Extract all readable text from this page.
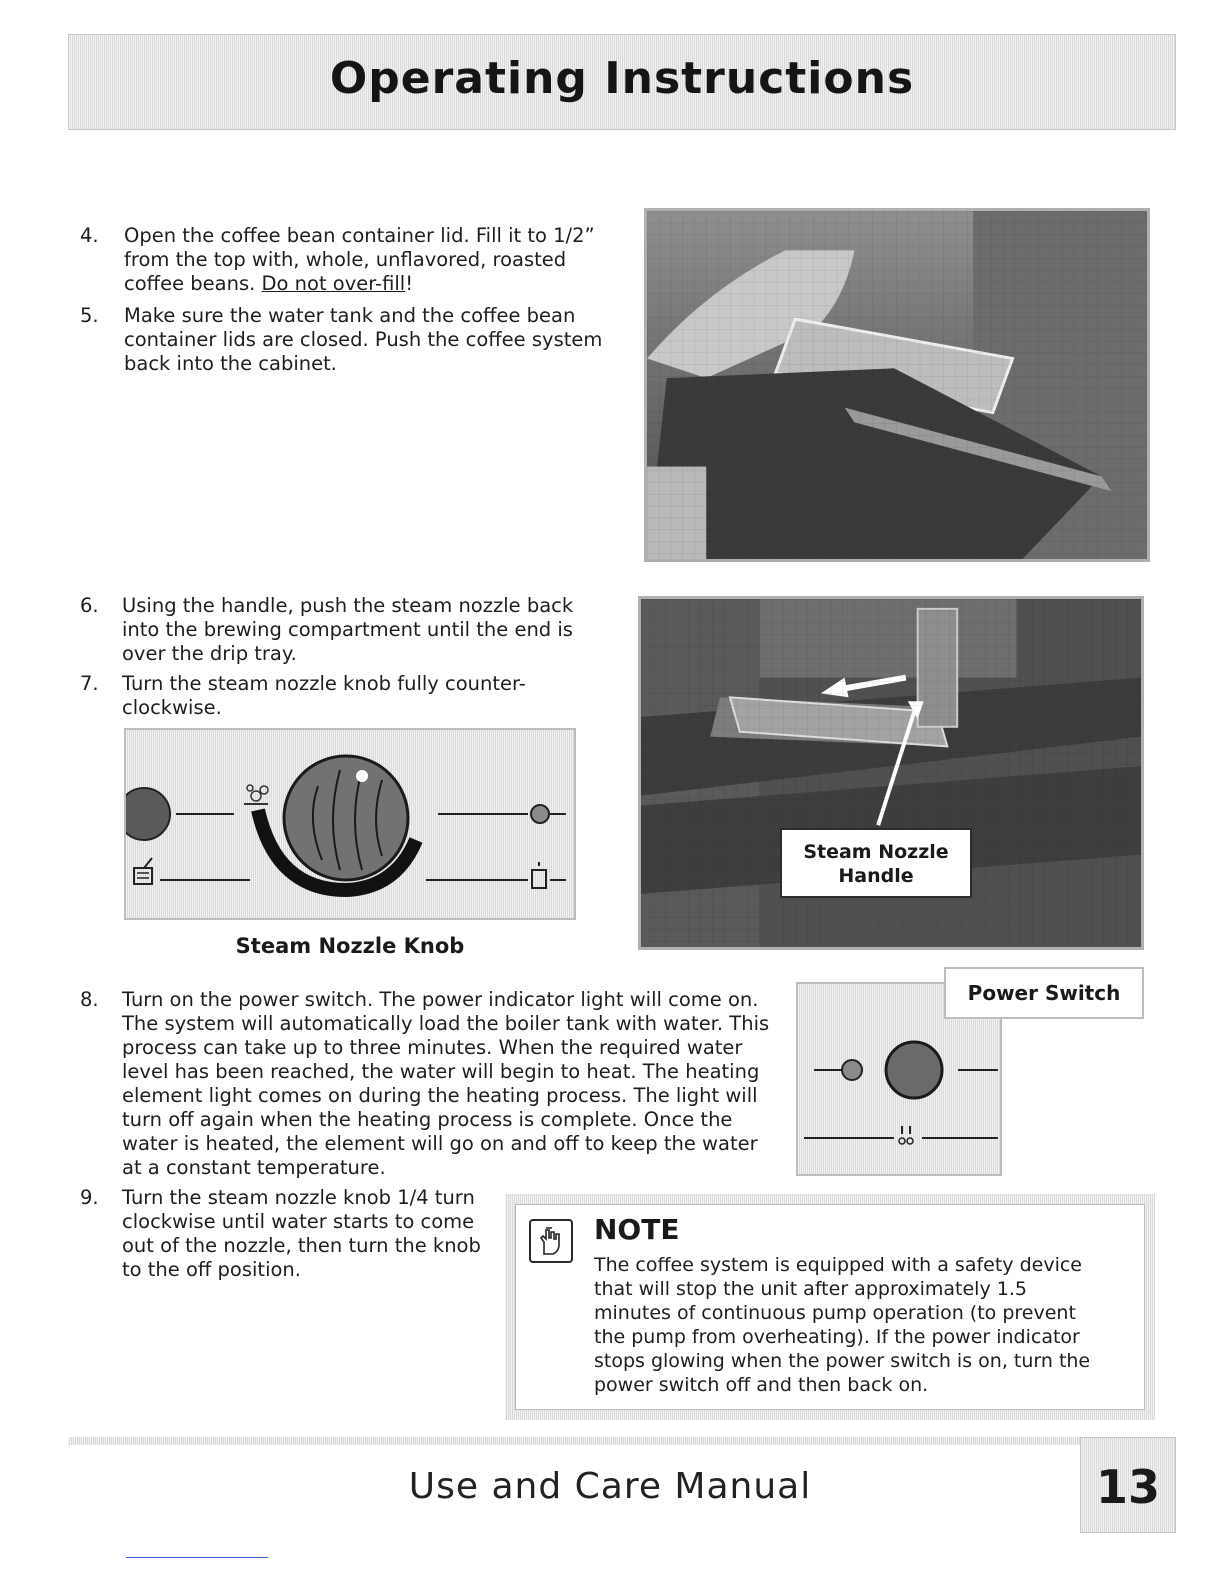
Operating Instructions
4. Open the coffee bean container lid. Fill it to 1/2”
from the top with, whole, unflavored, roasted
coffee beans. Do not over-fill!
5. Make sure the water tank and the coffee bean
container lids are closed. Push the coffee system
back into the cabinet.
6. Using the handle, push the steam nozzle back
into the brewing compartment until the end is
over the drip tray.
7. Turn the steam nozzle knob fully counter-
clockwise.
Steam Nozzle Knob
Steam Nozzle
Handle
8. Turn on the power switch. The power indicator light will come on.
The system will automatically load the boiler tank with water. This
process can take up to three minutes. When the required water
level has been reached, the water will begin to heat. The heating
element light comes on during the heating process. The light will
turn off again when the heating process is complete. Once the
water is heated, the element will go on and off to keep the water
at a constant temperature.
Power Switch
9. Turn the steam nozzle knob 1/4 turn
clockwise until water starts to come
out of the nozzle, then turn the knob
to the off position.
NOTE
The coffee system is equipped with a safety device
that will stop the unit after approximately 1.5
minutes of continuous pump operation (to prevent
the pump from overheating). If the power indicator
stops glowing when the power switch is on, turn the
power switch off and then back on.
Use and Care Manual	13
